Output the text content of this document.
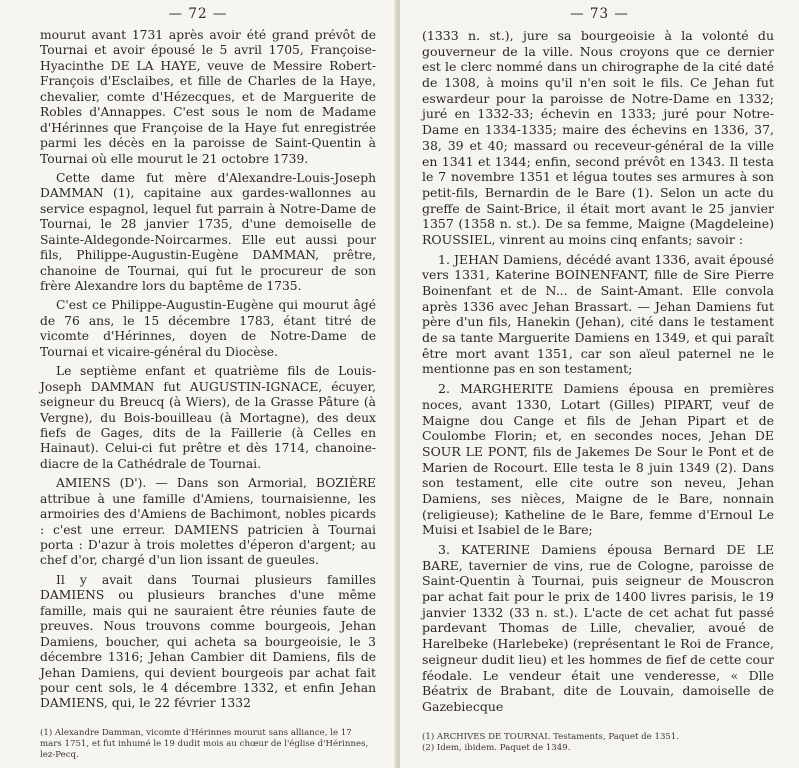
— 72 —

mourut avant 1731 après avoir été grand prévôt de Tournai et avoir épousé le 5 avril 1705, Françoise-Hyacinthe DE LA HAYE, veuve de Messire Robert-François d'Esclaibes, et fille de Charles de la Haye, chevalier, comte d'Hézecques, et de Marguerite de Robles d'Annappes. C'est sous le nom de Madame d'Hérinnes que Françoise de la Haye fut enregistrée parmi les décès en la paroisse de Saint-Quentin à Tournai où elle mourut le 21 octobre 1739.

Cette dame fut mère d'Alexandre-Louis-Joseph DAMMAN (1), capitaine aux gardes-wallonnes au service espagnol, lequel fut parrain à Notre-Dame de Tournai, le 28 janvier 1735, d'une demoiselle de Sainte-Aldegonde-Noircarmes. Elle eut aussi pour fils, Philippe-Augustin-Eugène DAMMAN, prêtre, chanoine de Tournai, qui fut le procureur de son frère Alexandre lors du baptême de 1735.

C'est ce Philippe-Augustin-Eugène qui mourut âgé de 76 ans, le 15 décembre 1783, étant titré de vicomte d'Hérinnes, doyen de Notre-Dame de Tournai et vicaire-général du Diocèse.

Le septième enfant et quatrième fils de Louis-Joseph DAMMAN fut AUGUSTIN-IGNACE, écuyer, seigneur du Breucq (à Wiers), de la Grasse Pâture (à Vergne), du Bois-bouilleau (à Mortagne), des deux fiefs de Gages, dits de la Faillerie (à Celles en Hainaut). Celui-ci fut prêtre et dès 1714, chanoine-diacre de la Cathédrale de Tournai.

AMIENS (D'). — Dans son Armorial, BOZIÈRE attribue à une famille d'Amiens, tournaisienne, les armoiries des d'Amiens de Bachimont, nobles picards : c'est une erreur. DAMIENS patricien à Tournai porta : D'azur à trois molettes d'éperon d'argent; au chef d'or, chargé d'un lion issant de gueules.

Il y avait dans Tournai plusieurs familles DAMIENS ou plusieurs branches d'une même famille, mais qui ne sauraient être réunies faute de preuves. Nous trouvons comme bourgeois, Jehan Damiens, boucher, qui acheta sa bourgeoisie, le 3 décembre 1316; Jehan Cambier dit Damiens, fils de Jehan Damiens, qui devient bourgeois par achat fait pour cent sols, le 4 décembre 1332, et enfin Jehan DAMIENS, qui, le 22 février 1332

(1) Alexandre Damman, vicomte d'Hérinnes mourut sans alliance, le 17 mars 1751, et fut inhumé le 19 dudit mois au chœur de l'église d'Hérinnes, lez-Pecq.

— 73 —

(1333 n. st.), jure sa bourgeoisie à la volonté du gouverneur de la ville. Nous croyons que ce dernier est le clerc nommé dans un chirographe de la cité daté de 1308, à moins qu'il n'en soit le fils. Ce Jehan fut eswardeur pour la paroisse de Notre-Dame en 1332; juré en 1332-33; échevin en 1333; juré pour Notre-Dame en 1334-1335; maire des échevins en 1336, 37, 38, 39 et 40; massard ou receveur-général de la ville en 1341 et 1344; enfin, second prévôt en 1343. Il testa le 7 novembre 1351 et légua toutes ses armures à son petit-fils, Bernardin de le Bare (1). Selon un acte du greffe de Saint-Brice, il était mort avant le 25 janvier 1357 (1358 n. st.). De sa femme, Maigne (Magdeleine) ROUSSIEL, vinrent au moins cinq enfants; savoir :

1. JEHAN Damiens, décédé avant 1336, avait épousé vers 1331, Katerine BOINENFANT, fille de Sire Pierre Boinenfant et de N... de Saint-Amant. Elle convola après 1336 avec Jehan Brassart. — Jehan Damiens fut père d'un fils, Hanekin (Jehan), cité dans le testament de sa tante Marguerite Damiens en 1349, et qui paraît être mort avant 1351, car son aïeul paternel ne le mentionne pas en son testament;

2. MARGHERITE Damiens épousa en premières noces, avant 1330, Lotart (Gilles) PIPART, veuf de Maigne dou Cange et fils de Jehan Pipart et de Coulombe Florin; et, en secondes noces, Jehan DE SOUR LE PONT, fils de Jakemes De Sour le Pont et de Marien de Rocourt. Elle testa le 8 juin 1349 (2). Dans son testament, elle cite outre son neveu, Jehan Damiens, ses nièces, Maigne de le Bare, nonnain (religieuse); Katheline de le Bare, femme d'Ernoul Le Muisi et Isabiel de le Bare;

3. KATERINE Damiens épousa Bernard DE LE BARE, tavernier de vins, rue de Cologne, paroisse de Saint-Quentin à Tournai, puis seigneur de Mouscron par achat fait pour le prix de 1400 livres parisis, le 19 janvier 1332 (33 n. st.). L'acte de cet achat fut passé pardevant Thomas de Lille, chevalier, avoué de Harelbeke (Harlebeke) (représentant le Roi de France, seigneur dudit lieu) et les hommes de fief de cette cour féodale. Le vendeur était une venderesse, « Dlle Béatrix de Brabant, dite de Louvain, damoiselle de Gazebiecque

(1) ARCHIVES DE TOURNAI. Testaments, Paquet de 1351.

(2) Idem, ibidem. Paquet de 1349.
